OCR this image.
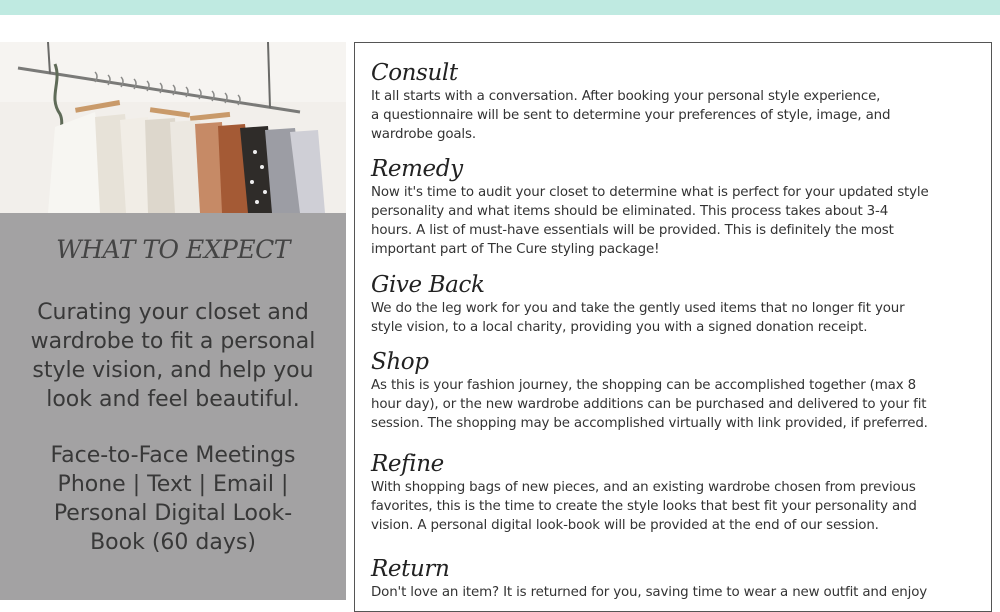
WHAT TO EXPECT
Curating your closet and
wardrobe to fit a personal
style vision, and help you
look and feel beautiful.
Face-to-Face Meetings
Phone | Text | Email |
Personal Digital Look-
Book (60 days)
Consult

It all starts with a conversation. After booking your personal style experience,
a questionnaire will be sent to determine your preferences of style, image, and
wardrobe goals.

Remedy

Now it's time to audit your closet to determine what is perfect for your updated style
personality and what items should be eliminated. This process takes about 3-4
hours. A list of must-have essentials will be provided. This is definitely the most
important part of The Cure styling package!

Give Back

We do the leg work for you and take the gently used items that no longer fit your
style vision, to a local charity, providing you with a signed donation receipt.

Shop

As this is your fashion journey, the shopping can be accomplished together (max 8
hour day), or the new wardrobe additions can be purchased and delivered to your fit
session. The shopping may be accomplished virtually with link provided, if preferred.

Refine

With shopping bags of new pieces, and an existing wardrobe chosen from previous
favorites, this is the time to create the style looks that best fit your personality and
vision. A personal digital look-book will be provided at the end of our session.

Return

Don't love an item? It is returned for you, saving time to wear a new outfit and enjoy
